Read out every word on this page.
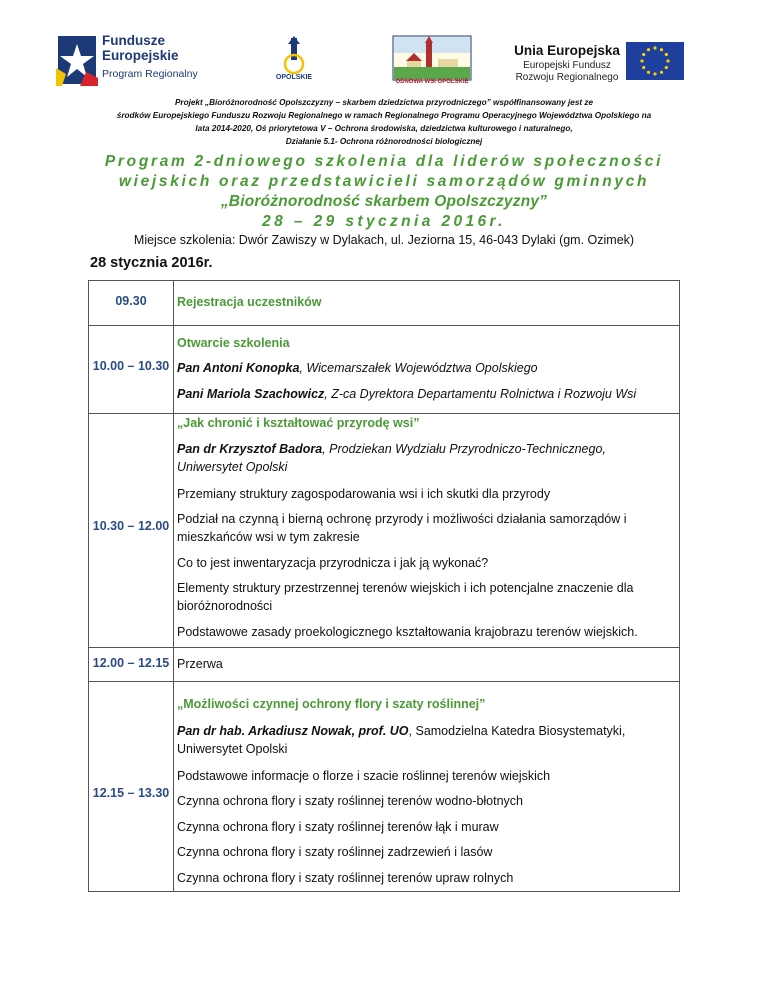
Fundusze
Europejskie
Program Regionalny	OPOLSKIE
ODNOWA WSI OPOLSKIE
Unia Europejska
Europejski Fundusz
Rozwoju Regionalnego
Projekt „Bioróżnorodność Opolszczyzny – skarbem dziedzictwa przyrodniczego” współfinansowany jest ze
środków Europejskiego Funduszu Rozwoju Regionalnego w ramach Regionalnego Programu Operacyjnego Województwa Opolskiego na
lata 2014-2020, Oś priorytetowa V – Ochrona środowiska, dziedzictwa kulturowego i naturalnego,
Działanie 5.1- Ochrona różnorodności biologicznej
Program 2-dniowego szkolenia dla liderów społeczności
wiejskich oraz przedstawicieli samorządów gminnych
„Bioróżnorodność skarbem Opolszczyzny”
28 – 29 stycznia 2016r.
Miejsce szkolenia: Dwór Zawiszy w Dylakach, ul. Jeziorna 15, 46-043 Dylaki (gm. Ozimek)
28 stycznia 2016r.
09.30	Rejestracja uczestników
10.00 – 10.30
Otwarcie szkolenia
Pan Antoni Konopka, Wicemarszałek Województwa Opolskiego
Pani Mariola Szachowicz, Z-ca Dyrektora Departamentu Rolnictwa i Rozwoju Wsi
10.30 – 12.00
„Jak chronić i kształtować przyrodę wsi”
Pan dr Krzysztof Badora, Prodziekan Wydziału Przyrodniczo-Technicznego,
Uniwersytet Opolski
Przemiany struktury zagospodarowania wsi i ich skutki dla przyrody
Podział na czynną i bierną ochronę przyrody i możliwości działania samorządów i
mieszkańców wsi w tym zakresie
Co to jest inwentaryzacja przyrodnicza i jak ją wykonać?
Elementy struktury przestrzennej terenów wiejskich i ich potencjalne znaczenie dla
bioróżnorodności
Podstawowe zasady proekologicznego kształtowania krajobrazu terenów wiejskich.
12.00 – 12.15 Przerwa
12.15 – 13.30
„Możliwości czynnej ochrony flory i szaty roślinnej”
Pan dr hab. Arkadiusz Nowak, prof. UO, Samodzielna Katedra Biosystematyki,
Uniwersytet Opolski
Podstawowe informacje o florze i szacie roślinnej terenów wiejskich
Czynna ochrona flory i szaty roślinnej terenów wodno-błotnych
Czynna ochrona flory i szaty roślinnej terenów łąk i muraw
Czynna ochrona flory i szaty roślinnej zadrzewień i lasów
Czynna ochrona flory i szaty roślinnej terenów upraw rolnych
